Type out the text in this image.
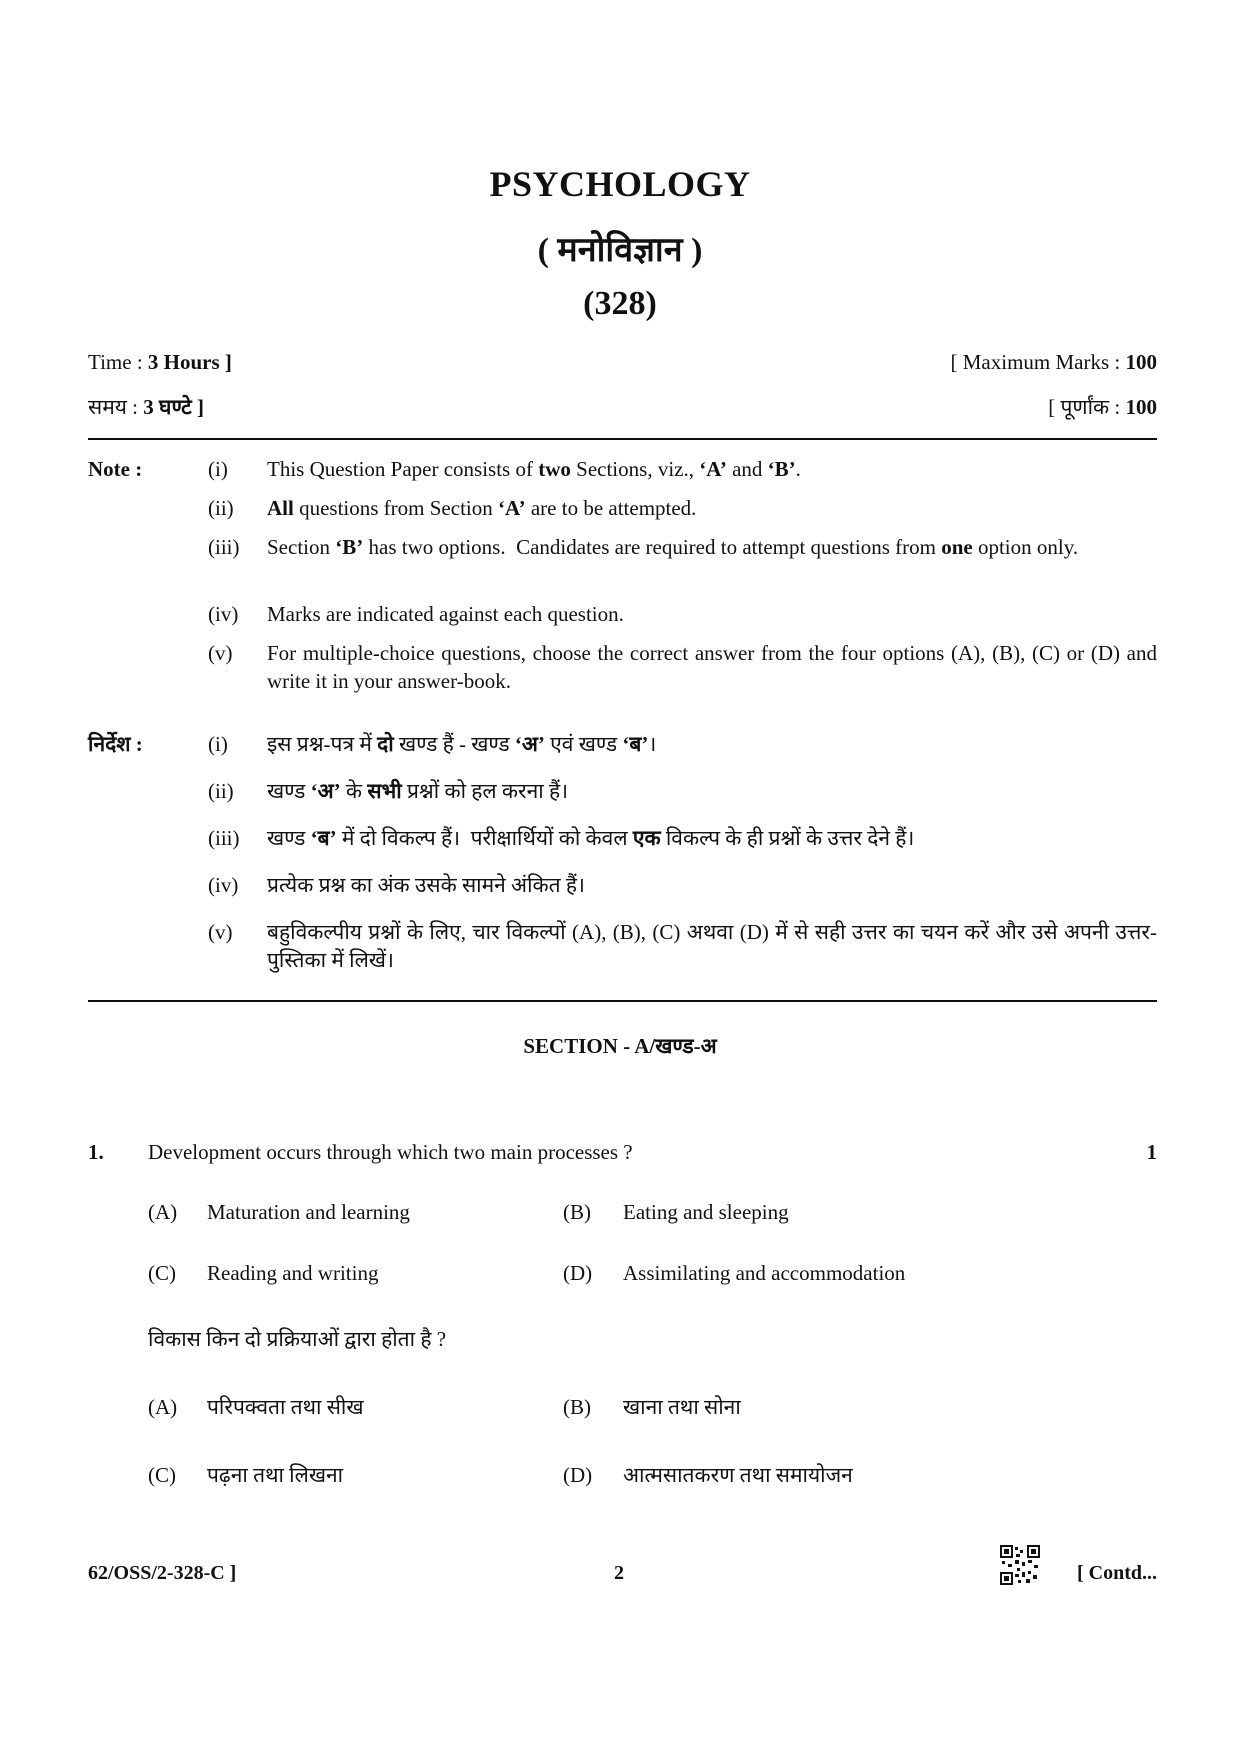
PSYCHOLOGY
( मनोविज्ञान )
(328)
Time : 3 Hours ]	[ Maximum Marks : 100
समय : 3 घण्टे ]	[ पूर्णांक : 100
Note :	(i)	This Question Paper consists of two Sections, viz., ‘A’ and ‘B’.
(ii)	All questions from Section ‘A’ are to be attempted.
(iii)	Section ‘B’ has two options.  Candidates are required to attempt questions from one option only.
(iv)	Marks are indicated against each question.
(v)	For multiple-choice questions, choose the correct answer from the four options (A), (B), (C) or (D) and write it in your answer-book.
निर्देश :	(i)	इस प्रश्न-पत्र में दो खण्ड हैं - खण्ड ‘अ’ एवं खण्ड ‘ब’।
(ii)	खण्ड ‘अ’ के सभी प्रश्नों को हल करना हैं।
(iii)	खण्ड ‘ब’ में दो विकल्प हैं।  परीक्षार्थियों को केवल एक विकल्प के ही प्रश्नों के उत्तर देने हैं।
(iv)	प्रत्येक प्रश्न का अंक उसके सामने अंकित हैं।
(v)	बहुविकल्पीय प्रश्नों के लिए, चार विकल्पों (A), (B), (C) अथवा (D) में से सही उत्तर का चयन करें और उसे अपनी उत्तर-पुस्तिका में लिखें।
SECTION - A/खण्ड-अ
1. Development occurs through which two main processes ?	1
(A) Maturation and learning	(B) Eating and sleeping
(C) Reading and writing	(D) Assimilating and accommodation
विकास किन दो प्रक्रियाओं द्वारा होता है ?
(A) परिपक्वता तथा सीख	(B) खाना तथा सोना
(C) पढ़ना तथा लिखना	(D) आत्मसातकरण तथा समायोजन
62/OSS/2-328-C ]	2	[ Contd...
